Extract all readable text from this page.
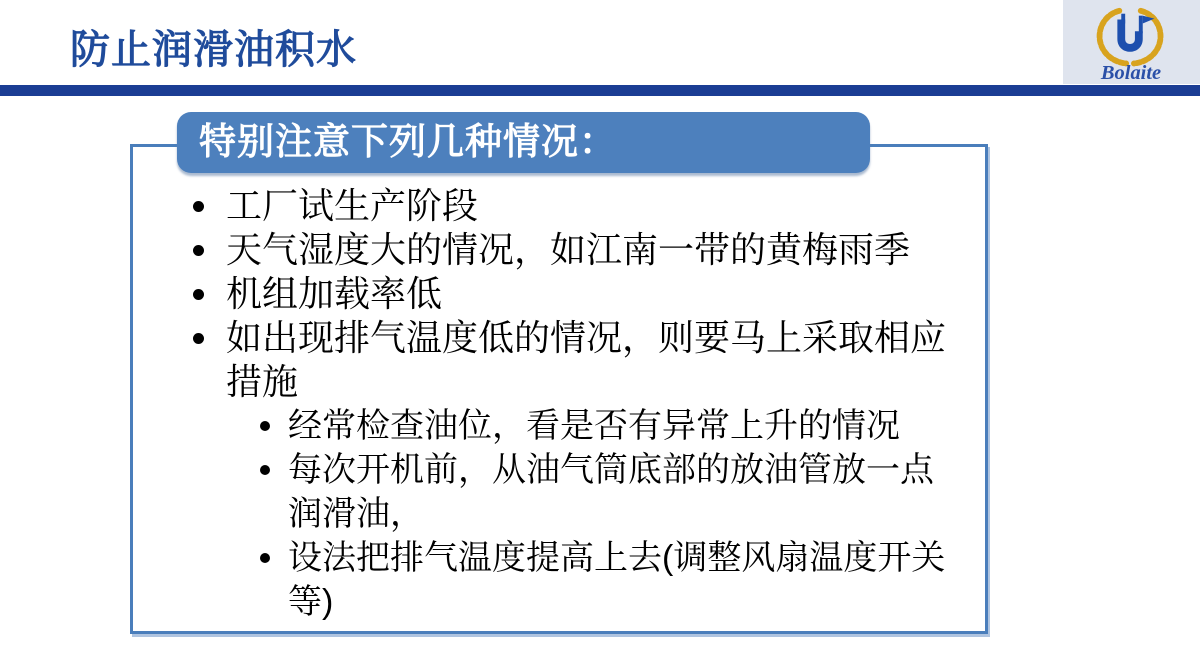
防止润滑油积水
Bolaite
特别注意下列几种情况：
工厂试生产阶段
天气湿度大的情况，如江南一带的黄梅雨季
机组加载率低
如出现排气温度低的情况，则要马上采取相应
措施
经常检查油位，看是否有异常上升的情况
每次开机前，从油气筒底部的放油管放一点
润滑油，
设法把排气温度提高上去(调整风扇温度开关
等)
